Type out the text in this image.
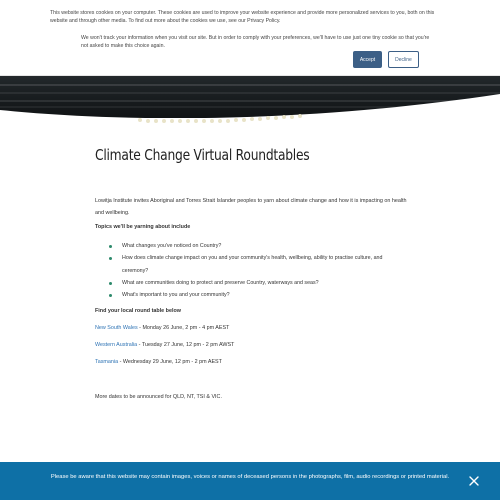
This website stores cookies on your computer. These cookies are used to improve your website experience and provide more personalized services to you, both on this website and through other media. To find out more about the cookies we use, see our Privacy Policy.

We won't track your information when you visit our site. But in order to comply with your preferences, we'll have to use just one tiny cookie so that you're not asked to make this choice again.

Accept	Decline
Climate Change Virtual Roundtables

Lowitja Institute invites Aboriginal and Torres Strait Islander peoples to yarn about climate change and how it is impacting on health and wellbeing.

Topics we'll be yarning about include

What changes you've noticed on Country?
How does climate change impact on you and your community's health, wellbeing, ability to practise culture, and ceremony?
What are communities doing to protect and preserve Country, waterways and seas?
What's important to you and your community?

Find your local round table below

New South Wales - Monday 26 June, 2 pm - 4 pm AEST

Western Australia - Tuesday 27 June, 12 pm - 2 pm AWST

Tasmania - Wednesday 29 June, 12 pm - 2 pm AEST

More dates to be announced for QLD, NT, TSI & VIC.

Please be aware that this website may contain images, voices or names of deceased persons in the photographs, film, audio recordings or printed material.
